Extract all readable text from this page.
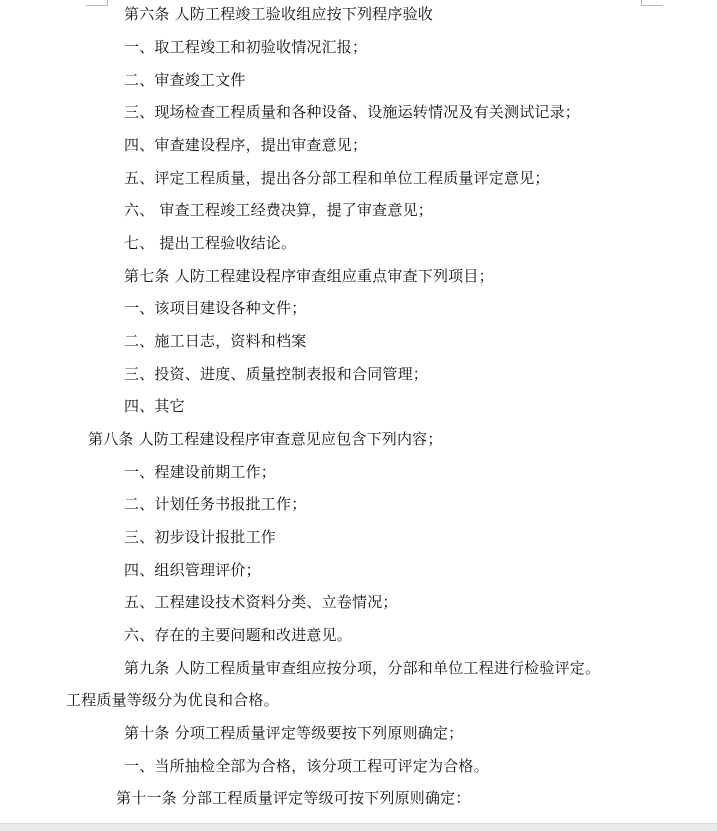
第六条 人防工程竣工验收组应按下列程序验收
一、取工程竣工和初验收情况汇报；
二、审查竣工文件
三、现场检查工程质量和各种设备、设施运转情况及有关测试记录；
四、审查建设程序，提出审查意见；
五、评定工程质量，提出各分部工程和单位工程质量评定意见；
六、 审查工程竣工经费决算，提了审查意见；
七、 提出工程验收结论。
第七条 人防工程建设程序审查组应重点审查下列项目；
一、该项目建设各种文件；
二、施工日志，资料和档案
三、投资、进度、质量控制表报和合同管理；
四、其它
第八条 人防工程建设程序审查意见应包含下列内容；
一、程建设前期工作；
二、计划任务书报批工作；
三、初步设计报批工作
四、组织管理评价；
五、工程建设技术资料分类、立卷情况；
六、存在的主要问题和改进意见。
第九条 人防工程质量审查组应按分项，分部和单位工程进行检验评定。
工程质量等级分为优良和合格。
第十条 分项工程质量评定等级要按下列原则确定；
一、当所抽检全部为合格，该分项工程可评定为合格。
第十一条 分部工程质量评定等级可按下列原则确定：
